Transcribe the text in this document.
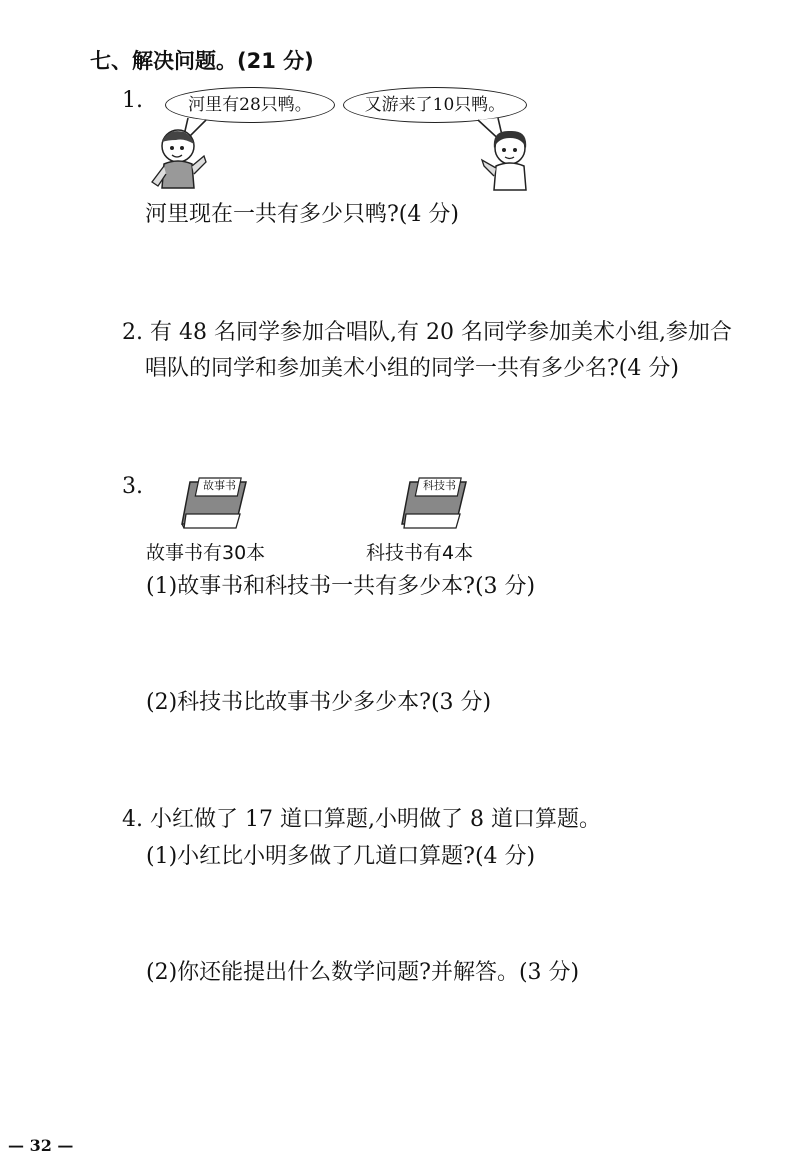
七、解决问题。(21 分)
1.	河里有28只鸭。	又游来了10只鸭。
河里现在一共有多少只鸭?(4 分)
2. 有 48 名同学参加合唱队,有 20 名同学参加美术小组,参加合
唱队的同学和参加美术小组的同学一共有多少名?(4 分)
3.	故事书	科技书
故事书有30本	科技书有4本
(1)故事书和科技书一共有多少本?(3 分)
(2)科技书比故事书少多少本?(3 分)
4. 小红做了 17 道口算题,小明做了 8 道口算题。
(1)小红比小明多做了几道口算题?(4 分)
(2)你还能提出什么数学问题?并解答。(3 分)
— 32 —
